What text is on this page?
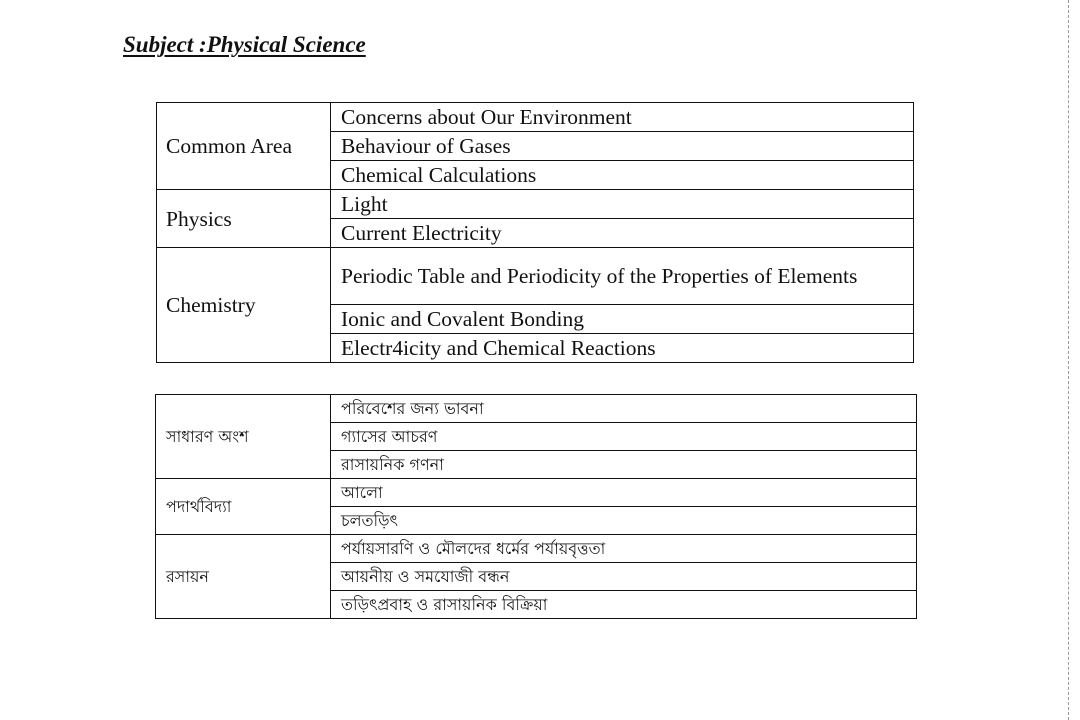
Subject :Physical Science
Common Area	Concerns about Our Environment
	Behaviour of Gases
	Chemical Calculations
Physics	Light
	Current Electricity
Chemistry	Periodic Table and Periodicity of the Properties of Elements
	Ionic and Covalent Bonding
	Electr4icity and Chemical Reactions
সাধারণ অংশ	পরিবেশের জন্য ভাবনা
	গ্যাসের আচরণ
	রাসায়নিক গণনা
পদার্থবিদ্যা	আলো
	চলতড়িৎ
রসায়ন	পর্যায়সারণি ও মৌলদের ধর্মের পর্যায়বৃত্ততা
	আয়নীয় ও সমযোজী বন্ধন
	তড়িৎপ্রবাহ ও রাসায়নিক বিক্রিয়া
